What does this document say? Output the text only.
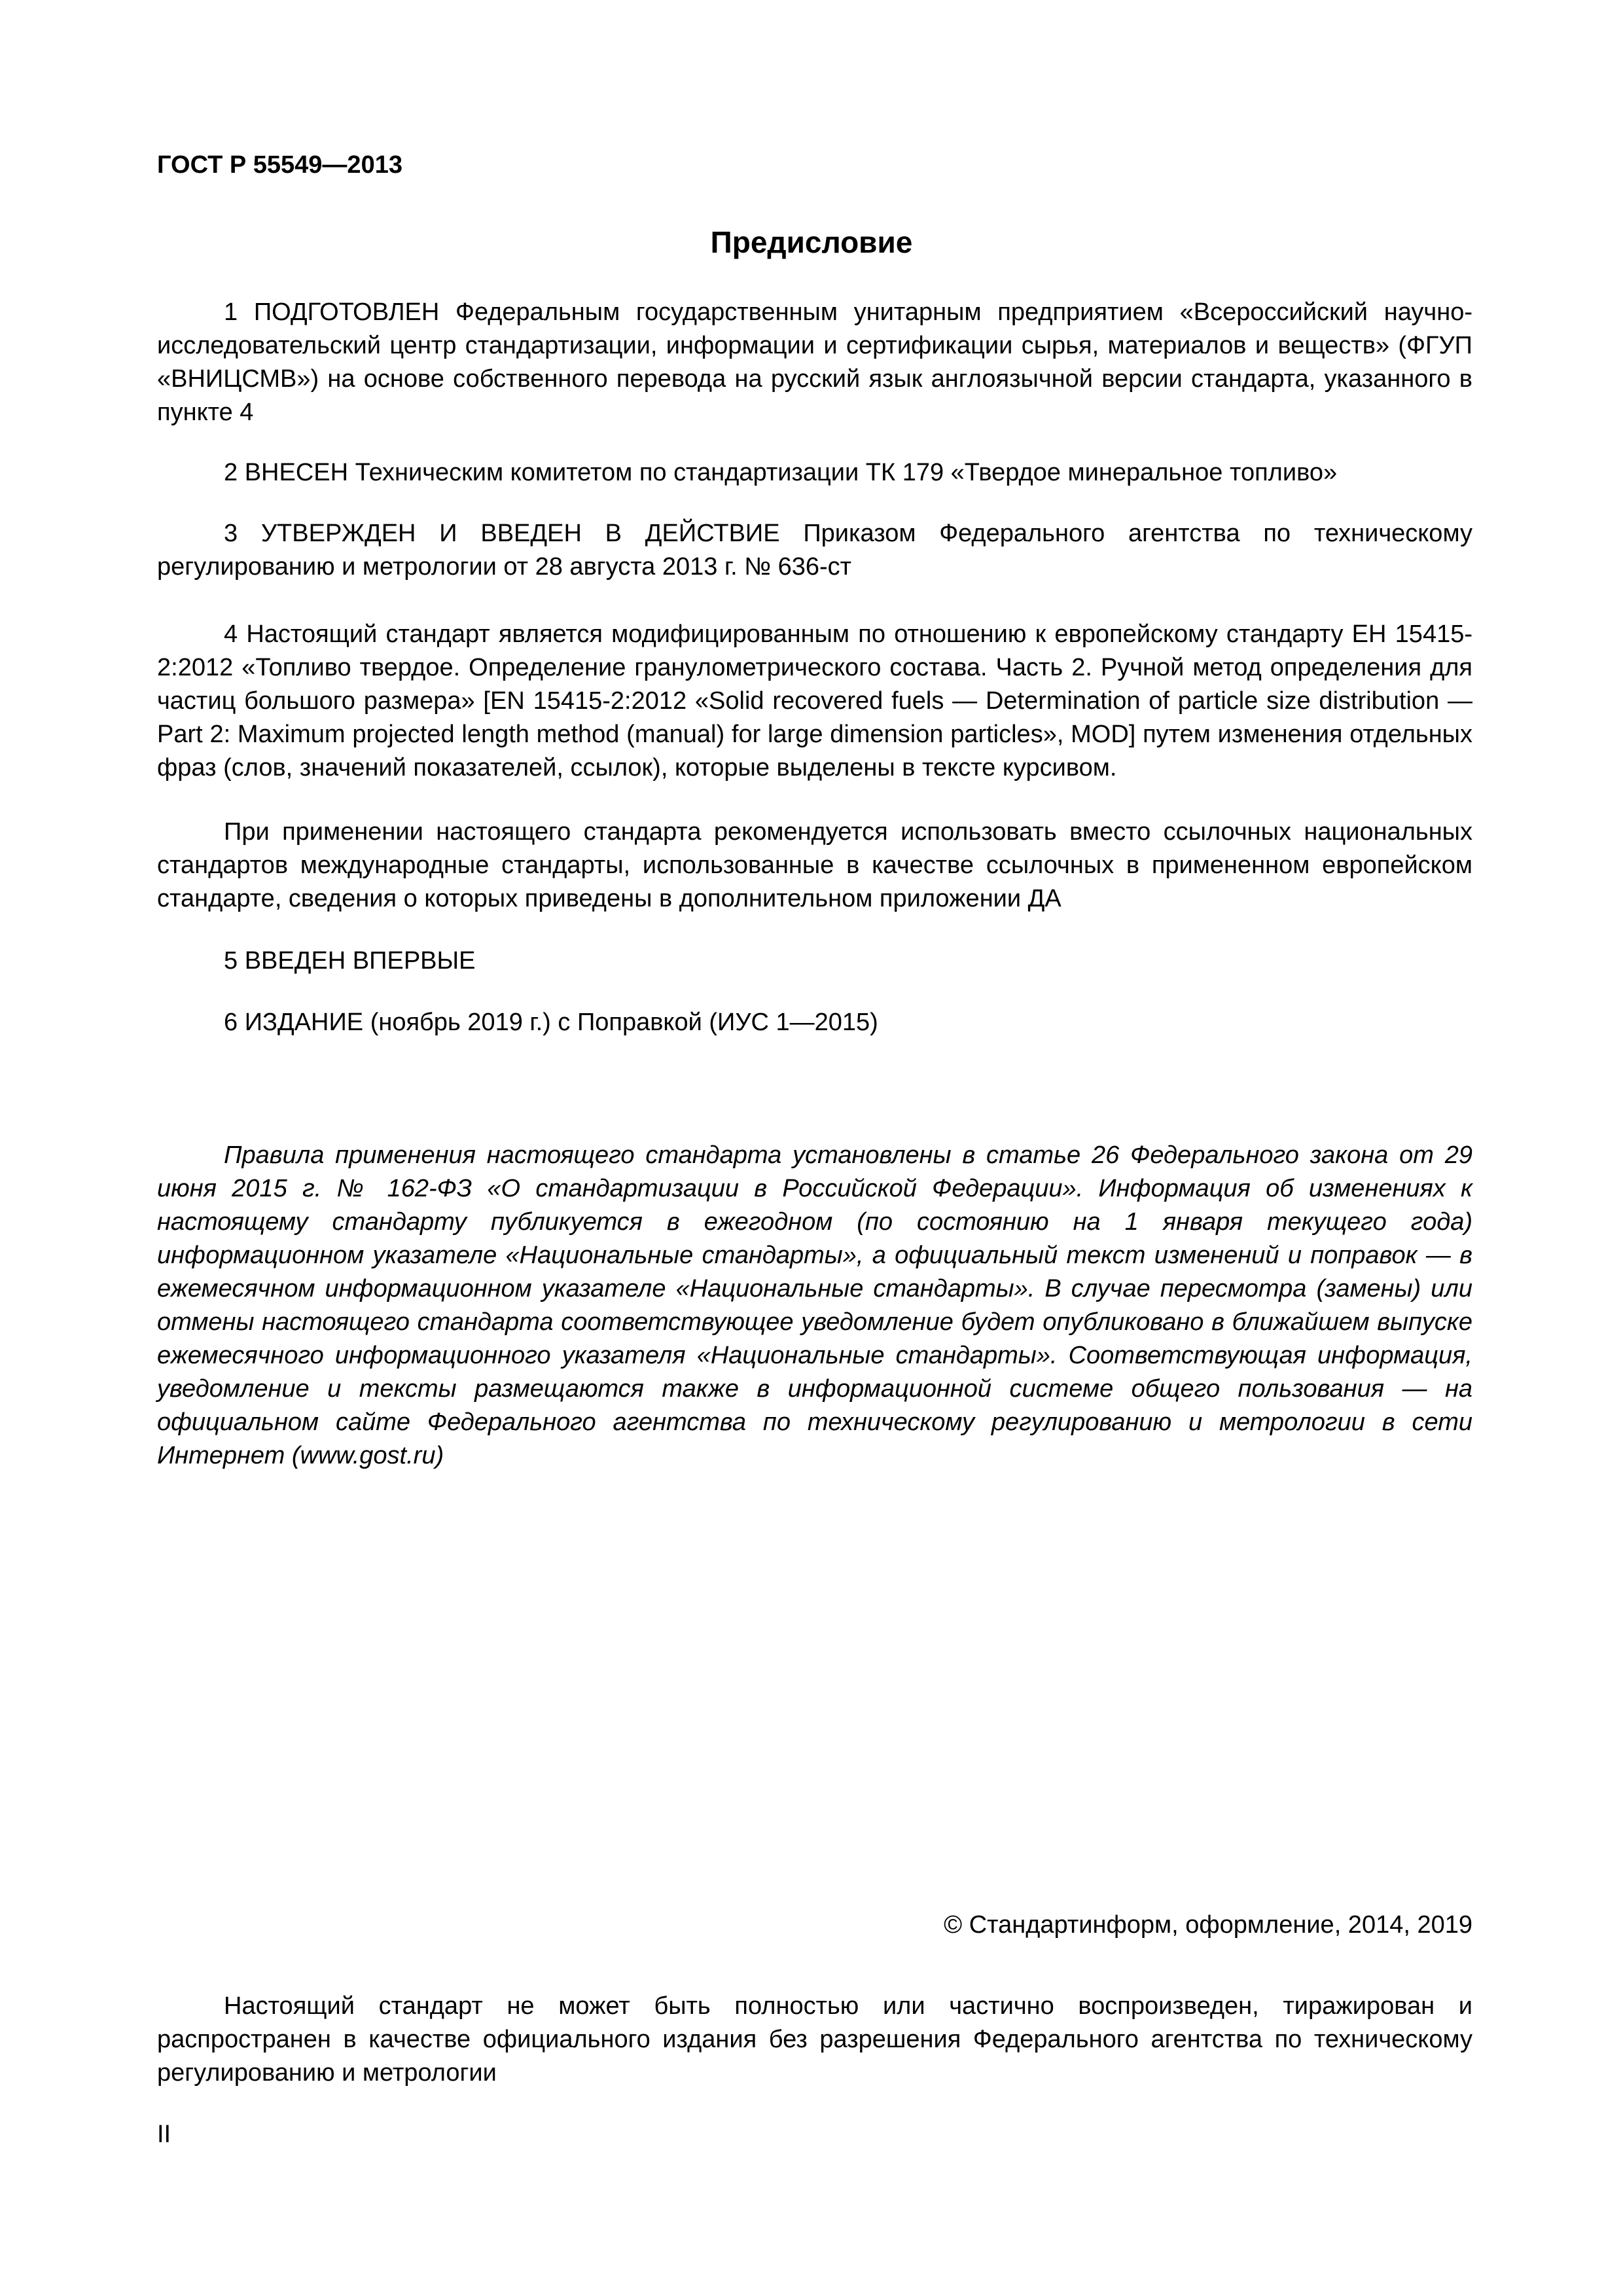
ГОСТ Р 55549—2013
Предисловие

1 ПОДГОТОВЛЕН Федеральным государственным унитарным предприятием «Всероссийский научно-исследовательский центр стандартизации, информации и сертификации сырья, материалов и веществ» (ФГУП «ВНИЦСМВ») на основе собственного перевода на русский язык англоязычной версии стандарта, указанного в пункте 4

2 ВНЕСЕН Техническим комитетом по стандартизации ТК 179 «Твердое минеральное топливо»

3 УТВЕРЖДЕН И ВВЕДЕН В ДЕЙСТВИЕ Приказом Федерального агентства по техническому регулированию и метрологии от 28 августа 2013 г. № 636-ст

4 Настоящий стандарт является модифицированным по отношению к европейскому стандарту ЕН 15415-2:2012 «Топливо твердое. Определение гранулометрического состава. Часть 2. Ручной метод определения для частиц большого размера» [EN 15415-2:2012 «Solid recovered fuels — Determination of particle size distribution — Part 2: Maximum projected length method (manual) for large dimension particles», MOD] путем изменения отдельных фраз (слов, значений показателей, ссылок), которые выделены в тексте курсивом.

При применении настоящего стандарта рекомендуется использовать вместо ссылочных национальных стандартов международные стандарты, использованные в качестве ссылочных в примененном европейском стандарте, сведения о которых приведены в дополнительном приложении ДА

5 ВВЕДЕН ВПЕРВЫЕ

6 ИЗДАНИЕ (ноябрь 2019 г.) с Поправкой (ИУС 1—2015)

Правила применения настоящего стандарта установлены в статье 26 Федерального закона от 29 июня 2015 г. № 162-ФЗ «О стандартизации в Российской Федерации». Информация об изменениях к настоящему стандарту публикуется в ежегодном (по состоянию на 1 января текущего года) информационном указателе «Национальные стандарты», а официальный текст изменений и поправок — в ежемесячном информационном указателе «Национальные стандарты». В случае пересмотра (замены) или отмены настоящего стандарта соответствующее уведомление будет опубликовано в ближайшем выпуске ежемесячного информационного указателя «Национальные стандарты». Соответствующая информация, уведомление и тексты размещаются также в информационной системе общего пользования — на официальном сайте Федерального агентства по техническому регулированию и метрологии в сети Интернет (www.gost.ru)

© Стандартинформ, оформление, 2014, 2019

Настоящий стандарт не может быть полностью или частично воспроизведен, тиражирован и распространен в качестве официального издания без разрешения Федерального агентства по техническому регулированию и метрологии

II
